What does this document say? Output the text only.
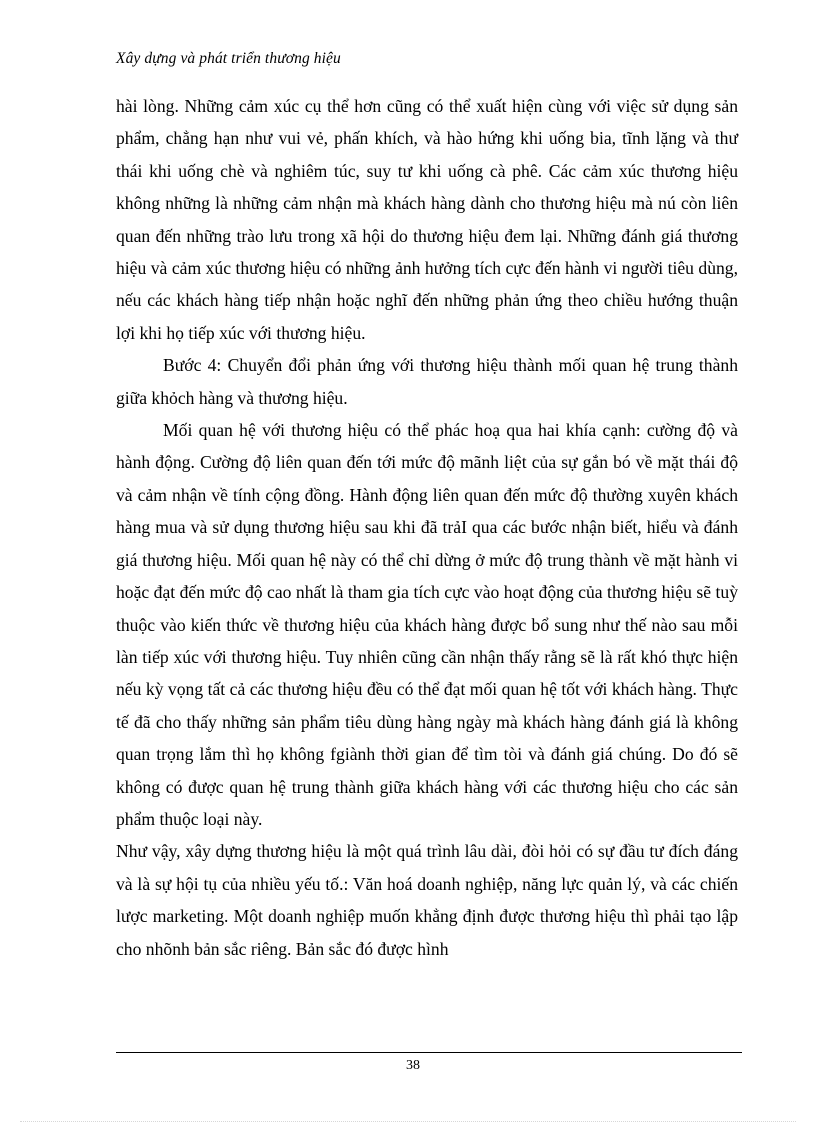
Xây dựng và phát triển thương hiệu

hài lòng. Những cảm xúc cụ thể hơn cũng có thể xuất hiện cùng với việc sử dụng sản phẩm, chẳng hạn như vui vẻ, phấn khích, và hào hứng khi uống bia, tĩnh lặng và thư thái khi uống chè và nghiêm túc, suy tư khi uống cà phê. Các cảm xúc thương hiệu không những là những cảm nhận mà khách hàng dành cho thương hiệu mà nú còn liên quan đến những trào lưu trong xã hội do thương hiệu đem lại. Những đánh giá thương hiệu và cảm xúc thương hiệu có những ảnh hưởng tích cực đến hành vi người tiêu dùng, nếu các khách hàng tiếp nhận hoặc nghĩ đến những phản ứng theo chiều hướng thuận lợi khi họ tiếp xúc với thương hiệu.

Bước 4: Chuyển đổi phản ứng với thương hiệu thành mối quan hệ trung thành giữa khỏch hàng và thương hiệu.

Mối quan hệ với thương hiệu có thể phác hoạ qua hai khía cạnh: cường độ và hành động. Cường độ liên quan đến tới mức độ mãnh liệt của sự gắn bó về mặt thái độ và cảm nhận về tính cộng đồng. Hành động liên quan đến mức độ thường xuyên khách hàng mua và sử dụng thương hiệu sau khi đã trảI qua các bước nhận biết, hiểu và đánh giá thương hiệu. Mối quan hệ này có thể chỉ dừng ở mức độ trung thành về mặt hành vi hoặc đạt đến mức độ cao nhất là tham gia tích cực vào hoạt động của thương hiệu sẽ tuỳ thuộc vào kiến thức về thương hiệu của khách hàng được bổ sung như thế nào sau mỗi làn tiếp xúc với thương hiệu. Tuy nhiên cũng cần nhận thấy rằng sẽ là rất khó thực hiện nếu kỳ vọng tất cả các thương hiệu đều có thể đạt mối quan hệ tốt với khách hàng. Thực tế đã cho thấy những sản phẩm tiêu dùng hàng ngày mà khách hàng đánh giá là không quan trọng lắm thì họ không fgiành thời gian để tìm tòi và đánh giá chúng. Do đó sẽ không có được quan hệ trung thành giữa khách hàng với các thương hiệu cho các sản phẩm thuộc loại này.

Như vậy, xây dựng thương hiệu là một quá trình lâu dài, đòi hỏi có sự đầu tư đích đáng và là sự hội tụ của nhiều yếu tố.: Văn hoá doanh nghiệp, năng lực quản lý, và các chiến lược marketing. Một doanh nghiệp muốn khẳng định được thương hiệu thì phải tạo lập cho nhõnh bản sắc riêng. Bản sắc đó được hình

38
